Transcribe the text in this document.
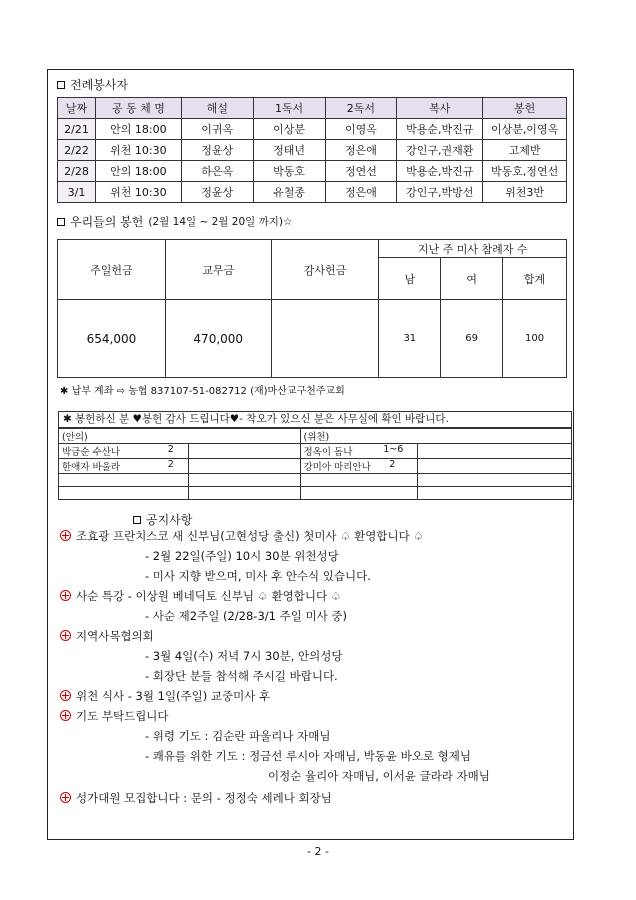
전례봉사자
날짜	공 동 체 명	해설	1독서	2독서	복사	봉헌
2/21	안의 18:00	이귀옥	이상분	이영옥	박용순,박진규	이상분,이영옥
2/22	위천 10:30	정윤상	정태년	정은애	강인구,권재환	고제반
2/28	안의 18:00	하은옥	박동호	정연선	박용순,박진규	박동호,정연선
3/1	위천 10:30	정윤상	유철종	정은애	강인구,박방선	위천3반
우리들의 봉헌 (2월 14일 ~ 2월 20일 까지)☆
주일헌금	교무금	감사헌금	지난 주 미사 참례자 수		
			남	여	합계
654,000	470,000		31	69	100
✱ 납부 계좌 ⇨ 농협 837107-51-082712 (재)마산교구천주교회
✱ 봉헌하신 분 ♥봉헌 감사 드립니다♥- 착오가 있으신 분은 사무실에 확인 바랍니다.
(안의)		(위천)	
박금순 수산나 2		정옥이 돔나 1~6	

한애자 바울라 2		강미아 마리안나 2	

공지사항
조효광 프란치스코 새 신부님(고현성당 출신) 첫미사 ♤ 환영합니다 ♤
- 2월 22일(주일) 10시 30분 위천성당
- 미사 지향 받으며, 미사 후 안수식 있습니다.
사순 특강 - 이상원 베네딕토 신부님 ♤ 환영합니다 ♤
- 사순 제2주일 (2/28-3/1 주일 미사 중)
지역사목협의회
- 3월 4일(수) 저녁 7시 30분, 안의성당
- 회장단 분들 참석해 주시길 바랍니다.
위천 식사 - 3월 1일(주일) 교중미사 후
기도 부탁드립니다
- 위령 기도 : 김순란 파울리나 자매님
- 쾌유를 위한 기도 : 정금선 루시아 자매님, 박동윤 바오로 형제님
이정순 율리아 자매님, 이서윤 글라라 자매님
성가대원 모집합니다 : 문의 - 정정숙 세레나 회장님
- 2 -
